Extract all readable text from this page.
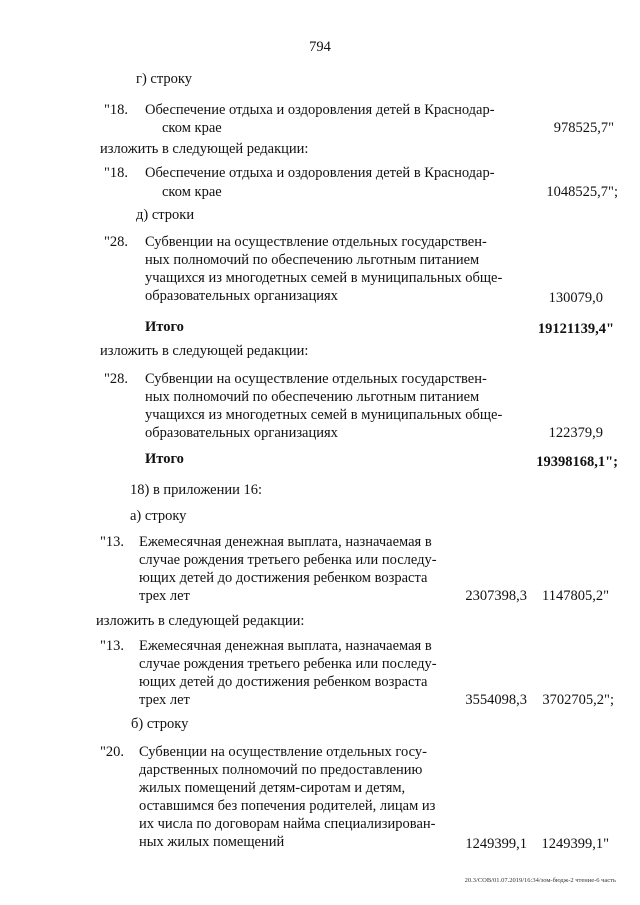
794
г) строку
"18. Обеспечение отдыха и оздоровления детей в Краснодар-
ском крае	978525,7"
изложить в следующей редакции:
"18. Обеспечение отдыха и оздоровления детей в Краснодар-
ском крае	1048525,7";
д) строки
"28. Субвенции на осуществление отдельных государствен-
ных полномочий по обеспечению льготным питанием
учащихся из многодетных семей в муниципальных обще-
образовательных организациях	130079,0
Итого	19121139,4"
изложить в следующей редакции:
"28. Субвенции на осуществление отдельных государствен-
ных полномочий по обеспечению льготным питанием
учащихся из многодетных семей в муниципальных обще-
образовательных организациях	122379,9
Итого	19398168,1";
18) в приложении 16:
а) строку
"13. Ежемесячная денежная выплата, назначаемая в
случае рождения третьего ребенка или последу-
ющих детей до достижения ребенком возраста
трех лет	2307398,3 1147805,2"
изложить в следующей редакции:
"13. Ежемесячная денежная выплата, назначаемая в
случае рождения третьего ребенка или последу-
ющих детей до достижения ребенком возраста
трех лет	3554098,3 3702705,2";
б) строку
"20. Субвенции на осуществление отдельных госу-
дарственных полномочий по предоставлению
жилых помещений детям-сиротам и детям,
оставшимся без попечения родителей, лицам из
их числа по договорам найма специализирован-
ных жилых помещений	1249399,1 1249399,1"
20.3/СОВ/01.07.2019/16:34/зом-бюдж-2 чтение-6 часть
